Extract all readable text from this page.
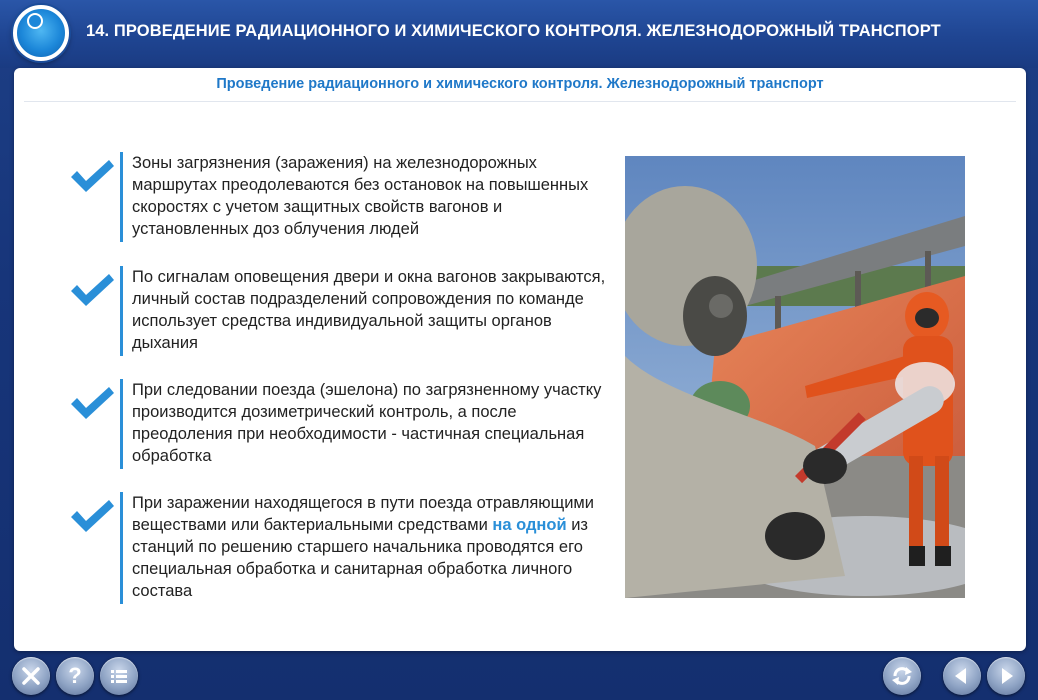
14. ПРОВЕДЕНИЕ РАДИАЦИОННОГО И ХИМИЧЕСКОГО КОНТРОЛЯ. ЖЕЛЕЗНОДОРОЖНЫЙ ТРАНСПОРТ
Проведение радиационного и химического контроля. Железнодорожный транспорт
Зоны загрязнения (заражения) на железнодорожных маршрутах преодолеваются без остановок на повышенных скоростях с учетом защитных свойств вагонов и установленных доз облучения людей
По сигналам оповещения двери и окна вагонов закрываются, личный состав подразделений сопровождения по команде использует средства индивидуальной защиты органов дыхания
При следовании поезда (эшелона) по загрязненному участку производится дозиметрический контроль, а после преодоления при необходимости - частичная специальная обработка
При заражении находящегося в пути поезда отравляющими веществами или бактериальными средствами на одной из станций по решению старшего начальника проводятся его специальная обработка и санитарная обработка личного состава
?
